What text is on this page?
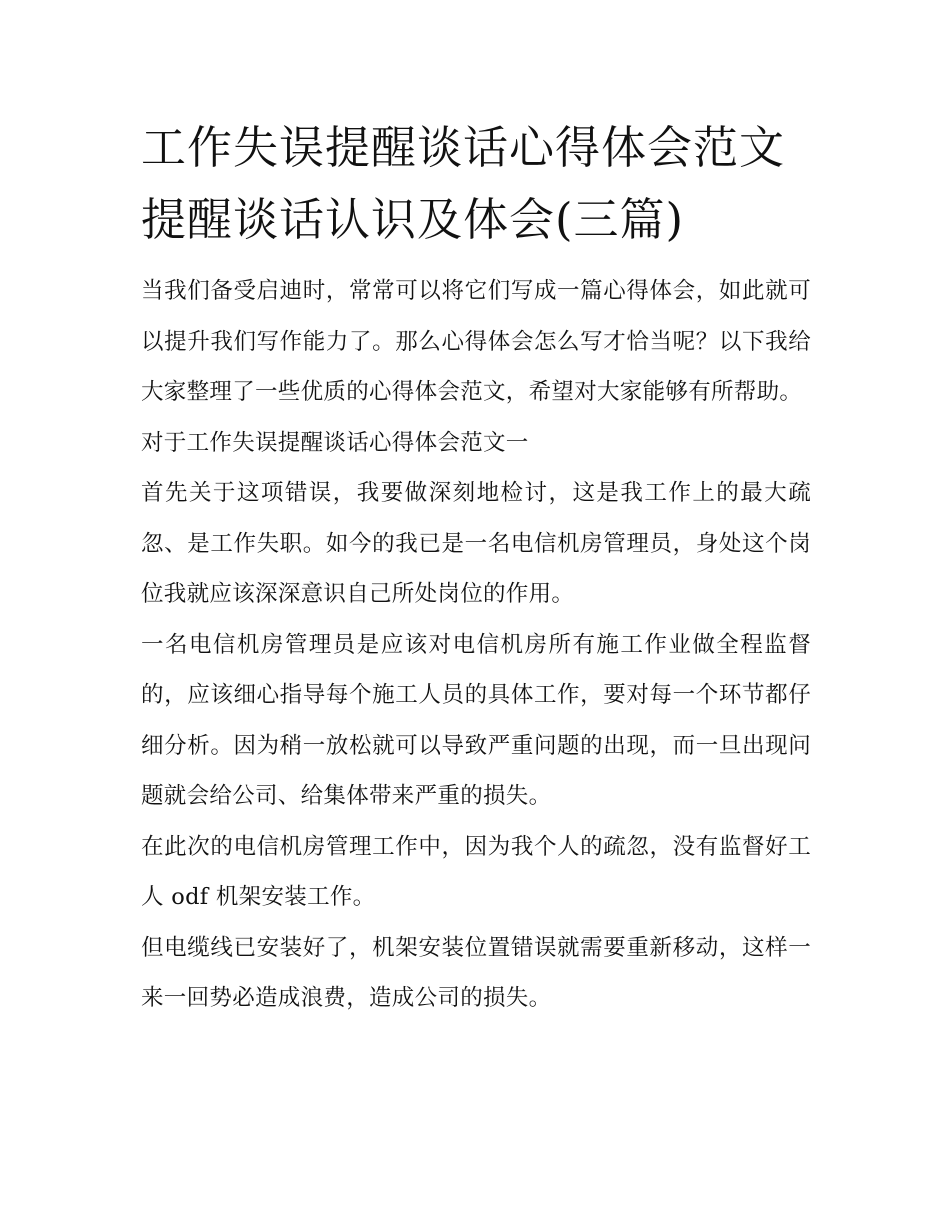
工作失误提醒谈话心得体会范文 提醒谈话认识及体会(三篇)

当我们备受启迪时，常常可以将它们写成一篇心得体会，如此就可以提升我们写作能力了。那么心得体会怎么写才恰当呢？以下我给大家整理了一些优质的心得体会范文，希望对大家能够有所帮助。

对于工作失误提醒谈话心得体会范文一

首先关于这项错误，我要做深刻地检讨，这是我工作上的最大疏忽、是工作失职。如今的我已是一名电信机房管理员，身处这个岗位我就应该深深意识自己所处岗位的作用。

一名电信机房管理员是应该对电信机房所有施工作业做全程监督的，应该细心指导每个施工人员的具体工作，要对每一个环节都仔细分析。因为稍一放松就可以导致严重问题的出现，而一旦出现问题就会给公司、给集体带来严重的损失。

在此次的电信机房管理工作中，因为我个人的疏忽，没有监督好工人 odf 机架安装工作。

但电缆线已安装好了，机架安装位置错误就需要重新移动，这样一来一回势必造成浪费，造成公司的损失。
